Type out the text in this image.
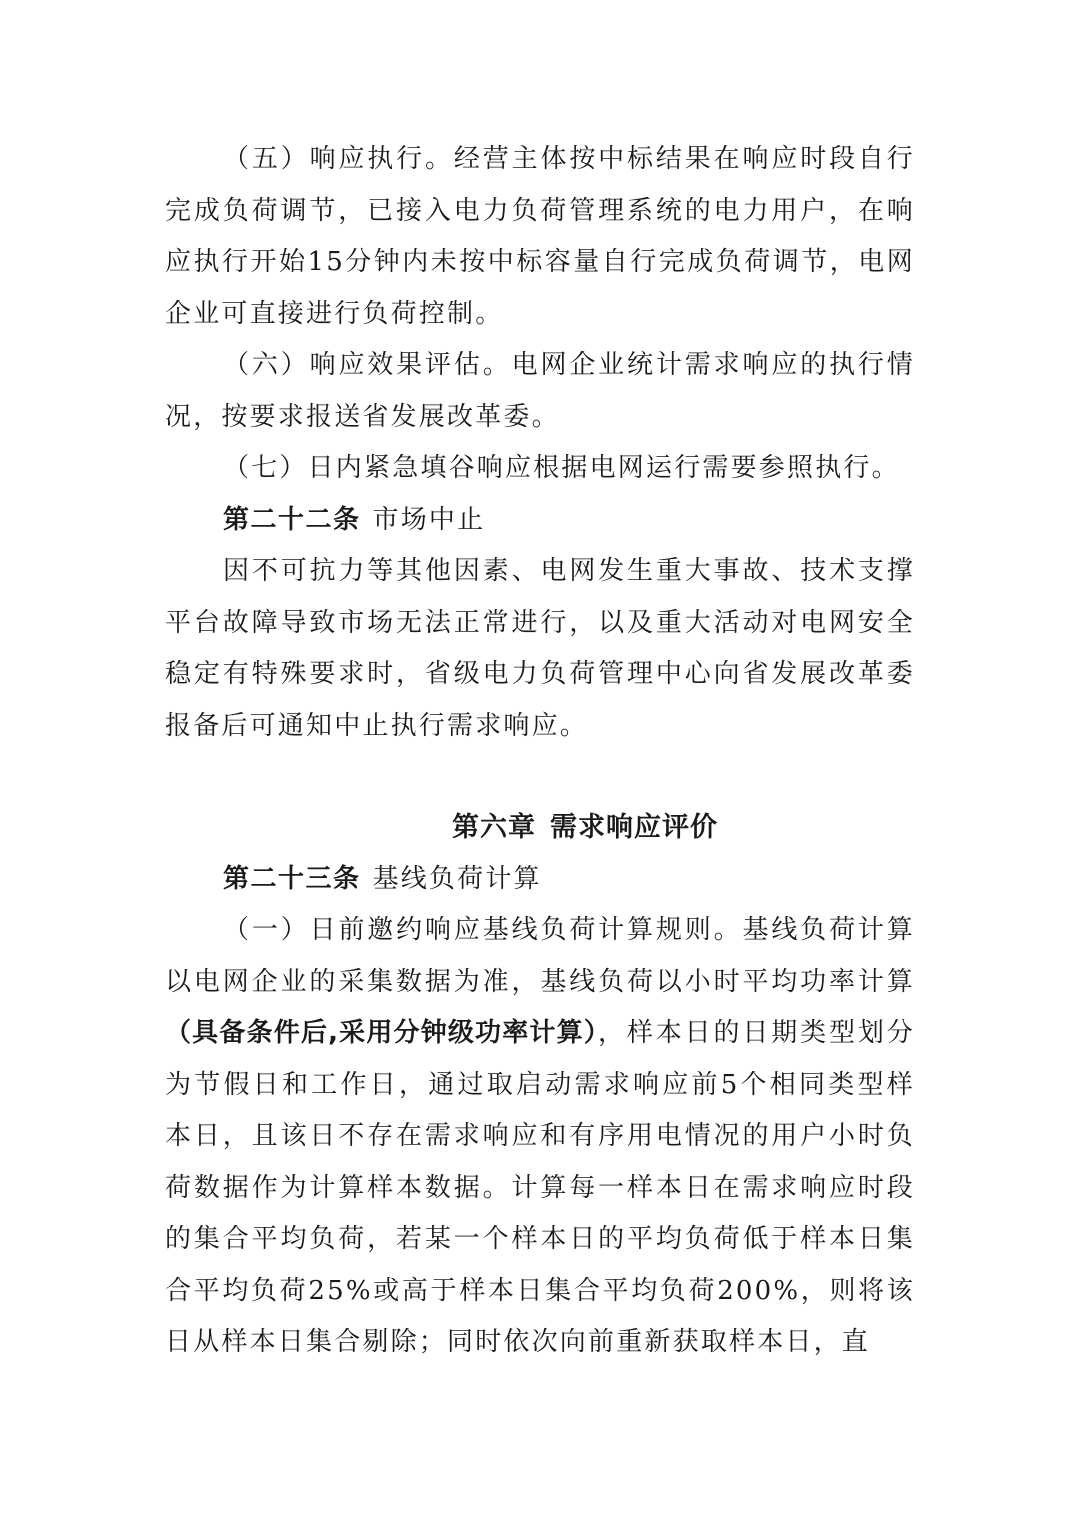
（五）响应执行。经营主体按中标结果在响应时段自行完成负荷调节，已接入电力负荷管理系统的电力用户，在响应执行开始15分钟内未按中标容量自行完成负荷调节，电网企业可直接进行负荷控制。

（六）响应效果评估。电网企业统计需求响应的执行情况，按要求报送省发展改革委。

（七）日内紧急填谷响应根据电网运行需要参照执行。

第二十二条 市场中止

因不可抗力等其他因素、电网发生重大事故、技术支撑平台故障导致市场无法正常进行，以及重大活动对电网安全稳定有特殊要求时，省级电力负荷管理中心向省发展改革委报备后可通知中止执行需求响应。

第六章 需求响应评价

第二十三条 基线负荷计算

（一）日前邀约响应基线负荷计算规则。基线负荷计算以电网企业的采集数据为准，基线负荷以小时平均功率计算（具备条件后,采用分钟级功率计算），样本日的日期类型划分为节假日和工作日，通过取启动需求响应前5个相同类型样本日，且该日不存在需求响应和有序用电情况的用户小时负荷数据作为计算样本数据。计算每一样本日在需求响应时段的集合平均负荷，若某一个样本日的平均负荷低于样本日集合平均负荷25%或高于样本日集合平均负荷200%，则将该日从样本日集合剔除；同时依次向前重新获取样本日，直
